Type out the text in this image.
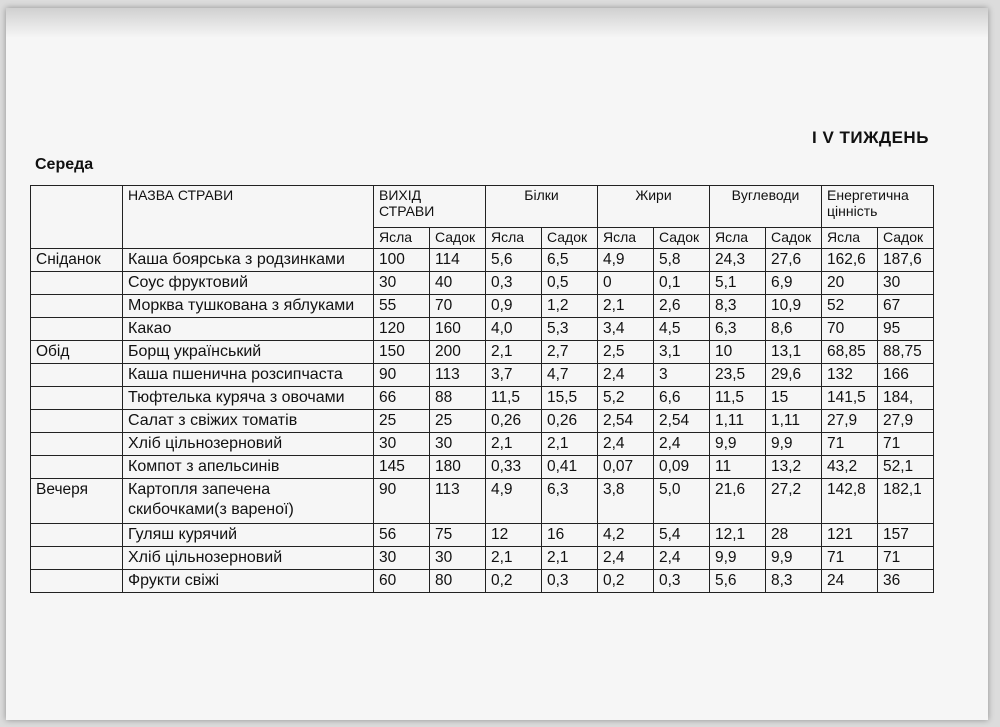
I V ТИЖДЕНЬ
Середа
	НАЗВА СТРАВИ	ВИХІД СТРАВИ		Білки		Жири		Вуглеводи		Енергетична цінність	
		Ясла	Садок	Ясла	Садок	Ясла	Садок	Ясла	Садок	Ясла	Садок
Сніданок	Каша боярська з родзинками	100	114	5,6	6,5	4,9	5,8	24,3	27,6	162,6	187,6
	Соус фруктовий	30	40	0,3	0,5	0	0,1	5,1	6,9	20	30
	Морква тушкована з яблуками	55	70	0,9	1,2	2,1	2,6	8,3	10,9	52	67
	Какао	120	160	4,0	5,3	3,4	4,5	6,3	8,6	70	95
Обід	Борщ український	150	200	2,1	2,7	2,5	3,1	10	13,1	68,85	88,75
	Каша пшенична розсипчаста	90	113	3,7	4,7	2,4	3	23,5	29,6	132	166
	Тюфтелька куряча з овочами	66	88	11,5	15,5	5,2	6,6	11,5	15	141,5	184,
	Салат з свіжих томатів	25	25	0,26	0,26	2,54	2,54	1,11	1,11	27,9	27,9
	Хліб цільнозерновий	30	30	2,1	2,1	2,4	2,4	9,9	9,9	71	71
	Компот з апельсинів	145	180	0,33	0,41	0,07	0,09	11	13,2	43,2	52,1
Вечеря	Картопля запечена скибочками(з вареної)	90	113	4,9	6,3	3,8	5,0	21,6	27,2	142,8	182,1
	Гуляш курячий	56	75	12	16	4,2	5,4	12,1	28	121	157
	Хліб цільнозерновий	30	30	2,1	2,1	2,4	2,4	9,9	9,9	71	71
	Фрукти свіжі	60	80	0,2	0,3	0,2	0,3	5,6	8,3	24	36
